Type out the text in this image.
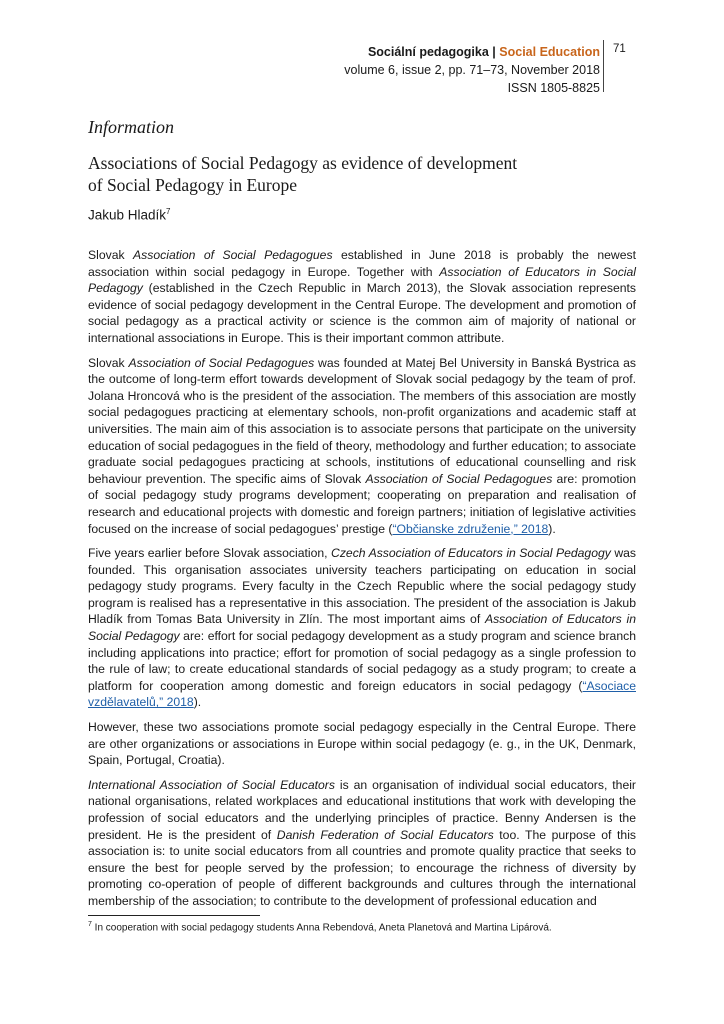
Sociální pedagogika | Social Education
volume 6, issue 2, pp. 71–73, November 2018
ISSN 1805-8825
71
Information
Associations of Social Pedagogy as evidence of development
of Social Pedagogy in Europe
Jakub Hladík$^7$

Slovak Association of Social Pedagogues established in June 2018 is probably the newest association within social pedagogy in Europe. Together with Association of Educators in Social Pedagogy (established in the Czech Republic in March 2013), the Slovak association represents evidence of social pedagogy development in the Central Europe. The development and promotion of social pedagogy as a practical activity or science is the common aim of majority of national or international associations in Europe. This is their important common attribute.

Slovak Association of Social Pedagogues was founded at Matej Bel University in Banská Bystrica as the outcome of long-term effort towards development of Slovak social pedagogy by the team of prof. Jolana Hroncová who is the president of the association. The members of this association are mostly social pedagogues practicing at elementary schools, non-profit organizations and academic staff at universities. The main aim of this association is to associate persons that participate on the university education of social pedagogues in the field of theory, methodology and further education; to associate graduate social pedagogues practicing at schools, institutions of educational counselling and risk behaviour prevention. The specific aims of Slovak Association of Social Pedagogues are: promotion of social pedagogy study programs development; cooperating on preparation and realisation of research and educational projects with domestic and foreign partners; initiation of legislative activities focused on the increase of social pedagogues’ prestige (“Občianske združenie,” 2018).

Five years earlier before Slovak association, Czech Association of Educators in Social Pedagogy was founded. This organisation associates university teachers participating on education in social pedagogy study programs. Every faculty in the Czech Republic where the social pedagogy study program is realised has a representative in this association. The president of the association is Jakub Hladík from Tomas Bata University in Zlín. The most important aims of Association of Educators in Social Pedagogy are: effort for social pedagogy development as a study program and science branch including applications into practice; effort for promotion of social pedagogy as a single profession to the rule of law; to create educational standards of social pedagogy as a study program; to create a platform for cooperation among domestic and foreign educators in social pedagogy (“Asociace vzdělavatelů,” 2018).

However, these two associations promote social pedagogy especially in the Central Europe. There are other organizations or associations in Europe within social pedagogy (e. g., in the UK, Denmark, Spain, Portugal, Croatia).

International Association of Social Educators is an organisation of individual social educators, their national organisations, related workplaces and educational institutions that work with developing the profession of social educators and the underlying principles of practice. Benny Andersen is the president. He is the president of Danish Federation of Social Educators too. The purpose of this association is: to unite social educators from all countries and promote quality practice that seeks to ensure the best for people served by the profession; to encourage the richness of diversity by promoting co-operation of people of different backgrounds and cultures through the international membership of the association; to contribute to the development of professional education and

$^7$ In cooperation with social pedagogy students Anna Rebendová, Aneta Planetová and Martina Lipárová.
